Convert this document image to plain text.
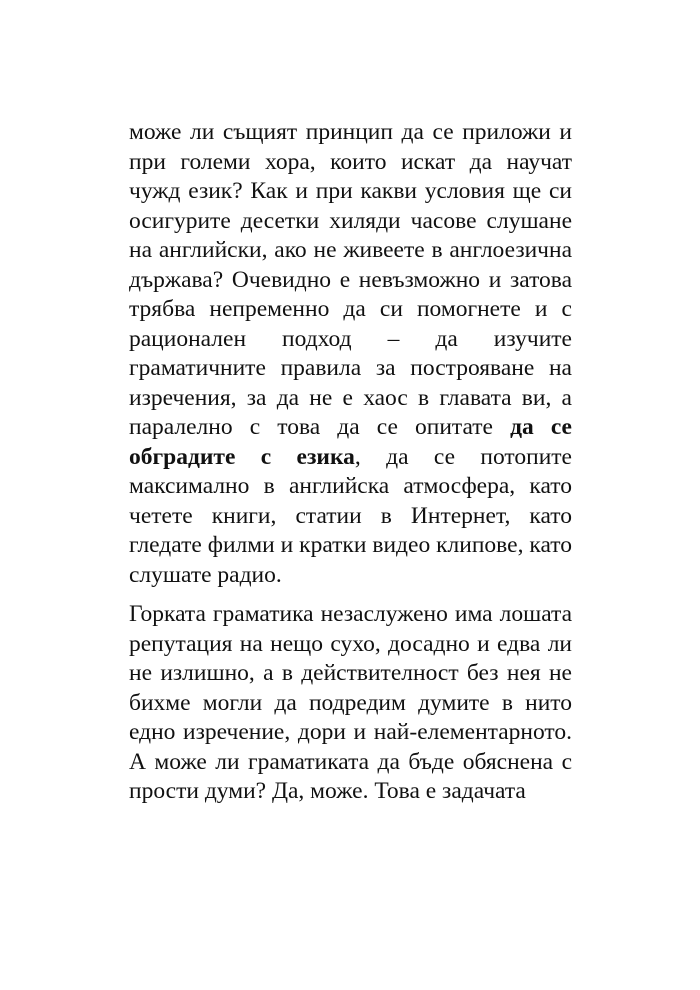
може ли същият принцип да се приложи и при големи хора, които искат да научат чужд език? Как и при какви условия ще си осигурите десетки хиляди часове слушане на английски, ако не живеете в англоезична държава? Очевидно е невъзможно и затова трябва непременно да си помогнете и с рационален подход – да изучите граматичните правила за построяване на изречения, за да не е хаос в главата ви, а паралелно с това да се опитате да се обградите с езика, да се потопите максимално в английска атмосфера, като четете книги, статии в Интернет, като гледате филми и кратки видео клипове, като слушате радио.

Горката граматика незаслужено има лошата репутация на нещо сухо, досадно и едва ли не излишно, а в действителност без нея не бихме могли да подредим думите в нито едно изречение, дори и най-елементарното. А може ли граматиката да бъде обяснена с прости думи? Да, може. Това е задачата
